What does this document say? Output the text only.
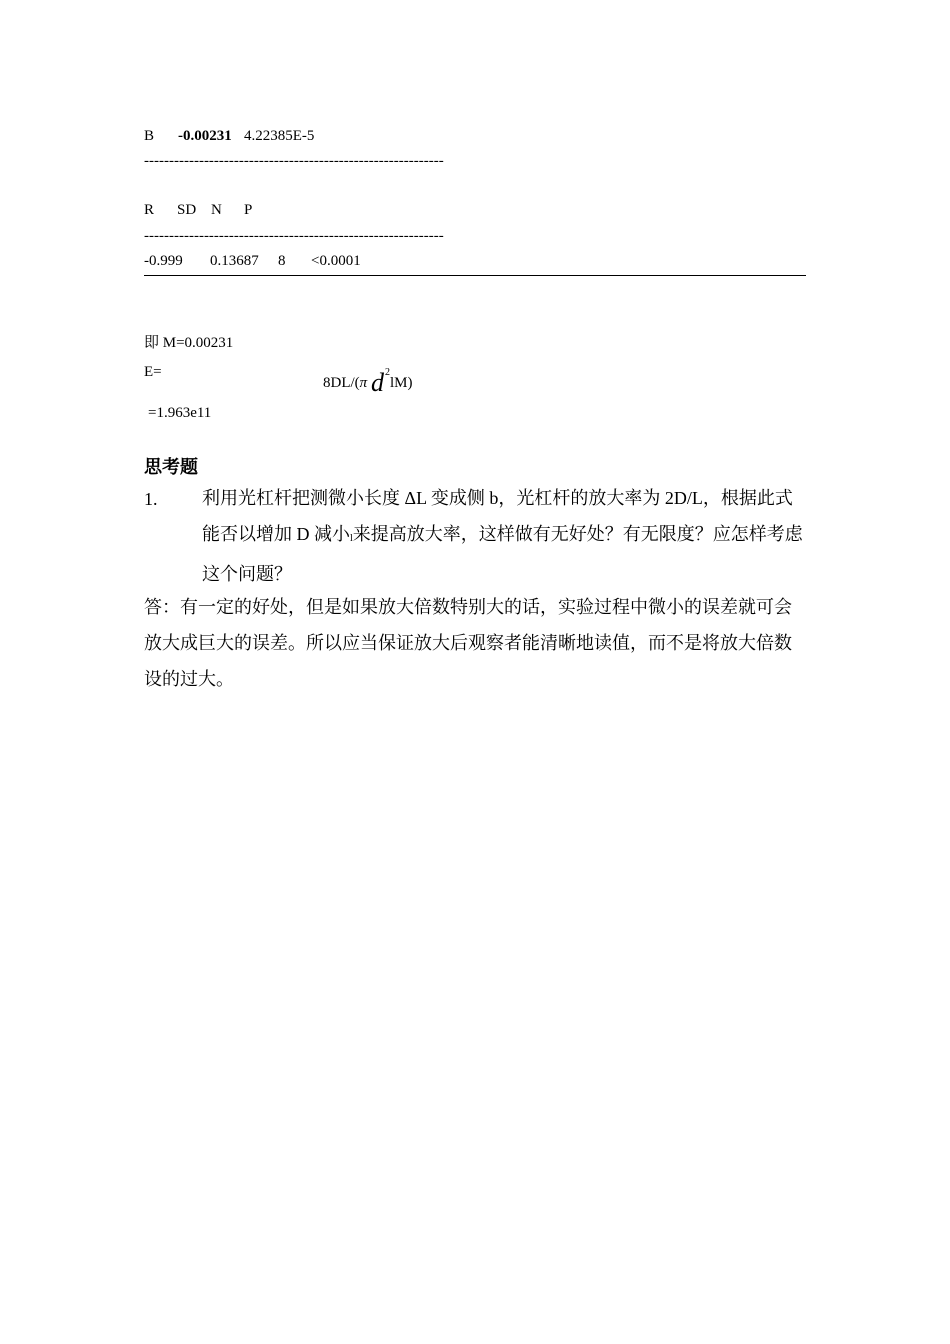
B -0.00231 4.22385E-5
------------------------------------------------------------
R SD N P
------------------------------------------------------------
-0.999 0.13687 8 <0.0001
即 M=0.00231
E=
8DL/(π $d^2lM$)
=1.963e11
思考题
1. 利用光杠杆把测微小长度 ΔL 变成侧 b，光杠杆的放大率为 2D/L，根据此式能否以增加 D 减小l来提高放大率，这样做有无好处？有无限度？应怎样考虑这个问题？
答：有一定的好处，但是如果放大倍数特别大的话，实验过程中微小的误差就可会放大成巨大的误差。所以应当保证放大后观察者能清晰地读值，而不是将放大倍数设的过大。
